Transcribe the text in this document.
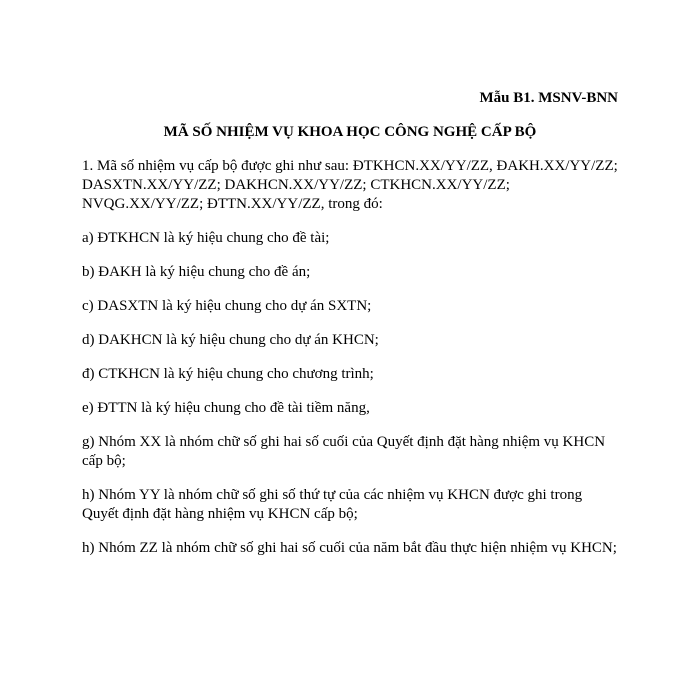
Mẫu B1. MSNV-BNN
MÃ SỐ NHIỆM VỤ KHOA HỌC CÔNG NGHỆ CẤP BỘ

1. Mã số nhiệm vụ cấp bộ được ghi như sau: ĐTKHCN.XX/YY/ZZ, ĐAKH.XX/YY/ZZ; DASXTN.XX/YY/ZZ; DAKHCN.XX/YY/ZZ; CTKHCN.XX/YY/ZZ; NVQG.XX/YY/ZZ; ĐTTN.XX/YY/ZZ, trong đó:

a) ĐTKHCN là ký hiệu chung cho đề tài;

b) ĐAKH là ký hiệu chung cho đề án;

c) DASXTN là ký hiệu chung cho dự án SXTN;

d) DAKHCN là ký hiệu chung cho dự án KHCN;

đ) CTKHCN là ký hiệu chung cho chương trình;

e) ĐTTN là ký hiệu chung cho đề tài tiềm năng,

g) Nhóm XX là nhóm chữ số ghi hai số cuối của Quyết định đặt hàng nhiệm vụ KHCN cấp bộ;

h) Nhóm YY là nhóm chữ số ghi số thứ tự của các nhiệm vụ KHCN được ghi trong Quyết định đặt hàng nhiệm vụ KHCN cấp bộ;

h) Nhóm ZZ là nhóm chữ số ghi hai số cuối của năm bắt đầu thực hiện nhiệm vụ KHCN;
